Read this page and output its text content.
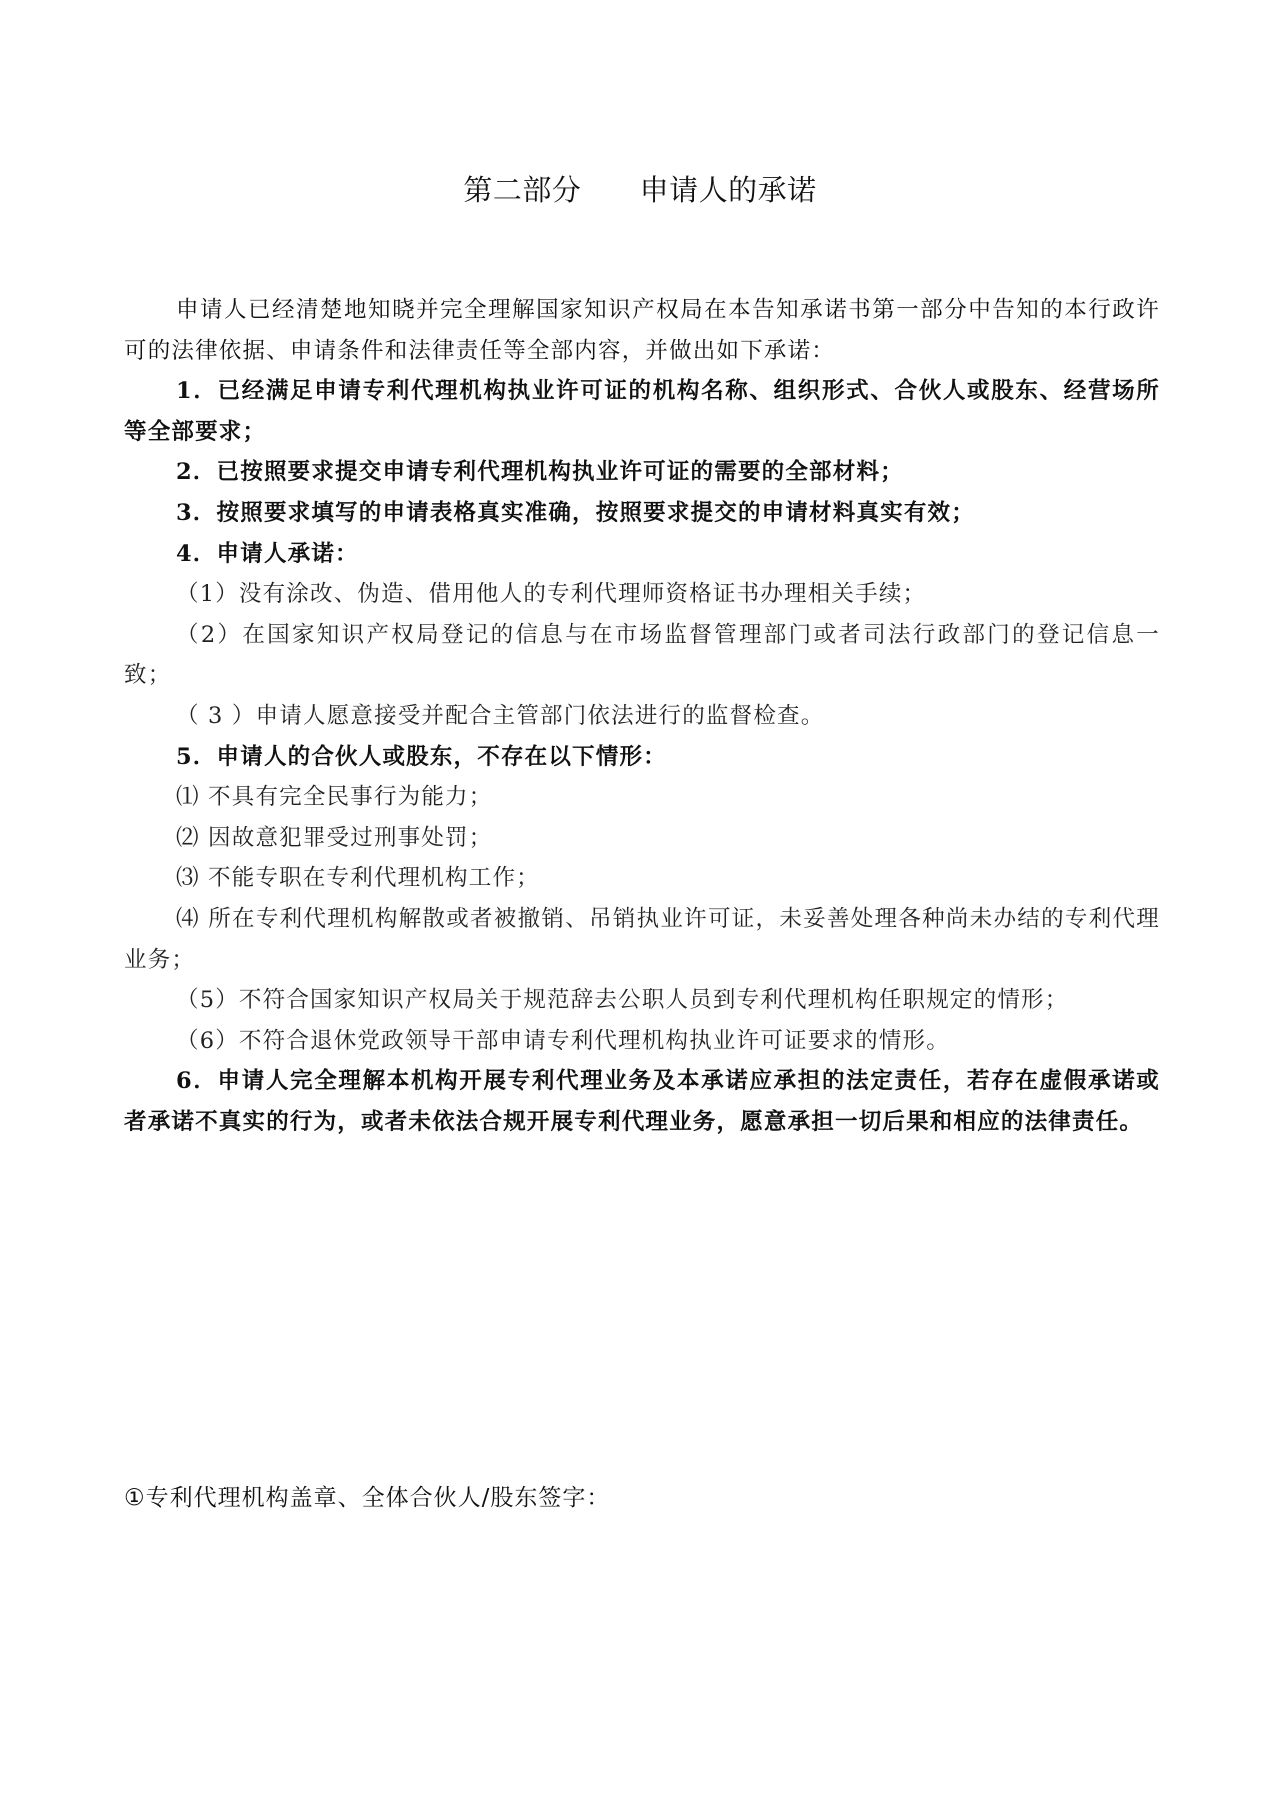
第二部分      申请人的承诺

申请人已经清楚地知晓并完全理解国家知识产权局在本告知承诺书第一部分中告知的本行政许可的法律依据、申请条件和法律责任等全部内容，并做出如下承诺：

1．已经满足申请专利代理机构执业许可证的机构名称、组织形式、合伙人或股东、经营场所等全部要求；

2．已按照要求提交申请专利代理机构执业许可证的需要的全部材料；

3．按照要求填写的申请表格真实准确，按照要求提交的申请材料真实有效；

4．申请人承诺：

（1）没有涂改、伪造、借用他人的专利代理师资格证书办理相关手续；

（2）在国家知识产权局登记的信息与在市场监督管理部门或者司法行政部门的登记信息一致；

（ 3 ）申请人愿意接受并配合主管部门依法进行的监督检查。

5．申请人的合伙人或股东，不存在以下情形：

⑴ 不具有完全民事行为能力；

⑵ 因故意犯罪受过刑事处罚；

⑶ 不能专职在专利代理机构工作；

⑷ 所在专利代理机构解散或者被撤销、吊销执业许可证，未妥善处理各种尚未办结的专利代理业务；

（5）不符合国家知识产权局关于规范辞去公职人员到专利代理机构任职规定的情形；

（6）不符合退休党政领导干部申请专利代理机构执业许可证要求的情形。

6．申请人完全理解本机构开展专利代理业务及本承诺应承担的法定责任，若存在虚假承诺或者承诺不真实的行为，或者未依法合规开展专利代理业务，愿意承担一切后果和相应的法律责任。

①专利代理机构盖章、全体合伙人/股东签字：
